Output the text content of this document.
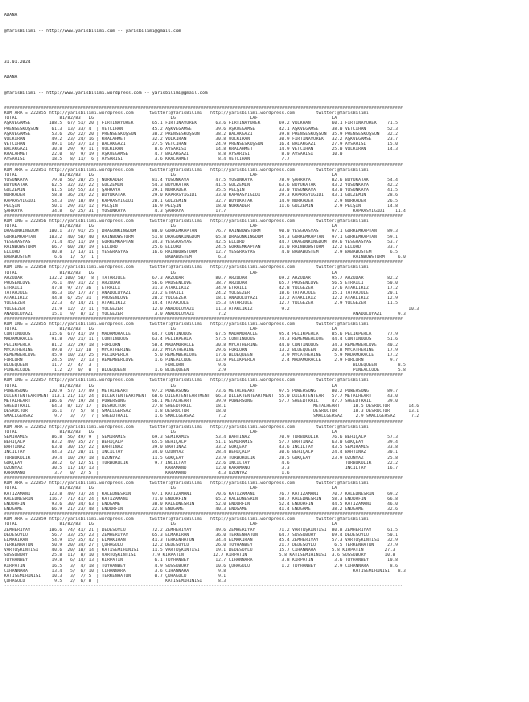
ADANA

@YarisBilimi -- http://www.yarisbilimi.com -- yarisbilimi@gmail.com

31.01.2024

ADANA

@YarisBilimi -- http://www.yarisbilimi.wordpress.com -- yarisbilimi@gmail.com

########################################################################################################################################################
KUM ARA = 222855 http://yarisbilimi.wordpress.com      twitter:@YarisBilimi   http://yarisbilimi.wordpress.com        twitter:@YarisBilimi
TOTAL                81/82/83   LG                             LG                            LAF                            LA
AŞKVEGAMSE       108.5  67/ 51/ 20 | FIRTINAYÜREK       65.1 FIRTINAYÜREK       63.6 FIRTINAYÜREK       69.2 VOLKHAN        60.1 FIRTINAYÜREK    71.5
PRENSESKOŞSUN     61.3  13/ 33/ 4  | VETCİHAN           45.2 AŞKVEGAMSE         39.6 AŞKVEGAMSE         42.1 AŞKVEGAMSE     38.0 VETCİHAN        52.3
AŞKVEGAMSE        53.6  26/ 22/ 20 | PRENSESKOŞSUN      38.2 PRENSESKOŞSUN      38.2 BALAKGAZİ          39.8 PRENSESKOŞSUN  35.9 PRENSESKOŞSUN   32.2
VOLKIRAN          49.2  23/ 24/ 16 | KRALAHMET          32.2 VOLKIRAN           30.8 VOLKIRAN           30.9 FIRTINAYÜREK   32.2 AŞKVEGAMSE      23.7
VETCİHAN          49.1  14/ 37/ 13 | BALAKGAZİ          27.5 VETCİHAN           24.9 PRENSESKOŞSUN      16.4 BALAKGAZİ      27.9 AYSARISI        15.0
BALAKGAZİ         30.8  29/  9/ 11 | VOLKIRAN            8.6 AYSARISI           14.8 KRALAHMET          14.9 VETCİHAN       25.0 VOLKIRAN        14.3
KRALAHMET         22.0   8/  9/ 19 | AŞKVEGAMSE          4.7 BALAKGAZİ           8.8 AYSARISI            8.0 AYSARISI       10.0
AYSARISI          18.5   8/ 11/  6 | AYSARISI            3.6 KRALAHMET           8.4 VETCİHAN            7.7
########################################################################################################################################################
KUM ARA = 222851 http://yarisbilimi.wordpress.com      twitter:@YarisBilimi   http://yarisbilimi.wordpress.com        twitter:@YarisBilimi
TOTAL                81/82/83   LG                             LG                            LAF                            LA
YOSUNKAYA         79.0  56/ 20/ 25 | NURKADER           81.4 YOSUNKAYA          47.5 YOSUNKAYA          78.9 ŞAHRAYA        82.6 BÜYÜKATAK       54.4
BÜYÜKATAK         62.5  32/ 32/ 22 | GÜLZEMİN           54.3 BÜYÜKATAK          41.5 GÜLZEMİN           63.6 BÜYÜKATAK      43.2 YOSUNKAYA       42.2
GÜLZEMİN          61.5  14/ 55/ 33 | ŞAHRAYA            29.1 NURKADER           35.5 PELŞİN             33.0 YOSUNKAYA      43.0 YOSUNKAYA       41.5
NURKADER          58.8  36/ 24/ 22 | BÜYÜKATAK          29.0 KAPRASYİĞİDİ       33.0 KAPRASYİĞİDİ       29.3 KAPRASYİĞİDİ   43.1 GÜLZEMİN        28.6
KAPRASYİĞİDİ      54.3  19/ 18/ 49 | KAPRASYİĞİDİ       28.1 GÜLZEMİN           32.7 BÜYÜKATAK          14.9 NURKADER        2.9 NURKADER        26.5
PELŞİN            50.1  29/ 31/ 12 | PELŞİN             16.9 PELŞİN             18.0 NURKADER           11.6 GÜLZEMİN        2.9 PELŞİN          14.8
ŞAHRAYA           34.8   6/ 25/ 31 | YOSUNKAYA           4.3 ŞAHRAYA            17.7                                                KAPRASYİĞİDİ    11.4
########################################################################################################################################################
KUM ING = 222856 http://yarisbilimi.wordpress.com      twitter:@YarisBilimi   http://yarisbilimi.wordpress.com        twitter:@YarisBilimi
TOTAL                81/82/83   LG                             LG                            LAF                            LA
DRAGONKINGDOM    100.1  37/ 91/ 25 | DRAGONKINGDOM      80.0 GÖRKEMKAPTAN       76.7 RAINBOWSTORM       90.0 YESGRASYAS     97.1 GÖRKEMKAPTAN    89.3
GÖRKEMKAPTAN     103.2  40/ 50/ 40 | RAINBOWSTORM       51.8 DRAGONKINGDOM      65.8 DRAGONKINGDOM      54.3 GÖRKEMKAPTAN   97.1 GÖRKEMKAPTAN    59.1
YESGRASYAS        71.4  45/ 11/ 19 | GÖRKEMKAPTAN       34.3 YESGRASYAS         42.5 ELLORD             44.7 DRAGONKINGDOM  49.6 YESGRASYAS      53.7
RAINBOWSTORM      66.7  60/ 20/ 19 | ELLORD             25.6 ELLORD             24.5 GÖRKEMKAPTAN       31.0 RAINBOWSTORM   12.2 ELLORD          33.7
ELLORD            40.8   1/ 13/ 11 | YESGRASYAS         16.6 RAINBOWSTORM       12.7 YESGRASYAS          4.0 BABABÜSTEM      2.9 BABABÜSTEM       6.5
BABABÜSTEM         6.6   1/  5/  1 |                         BABABÜSTEM          6.3                                                RAINBOWSTORM     6.0
########################################################################################################################################################
KUM ING = 222858 http://yarisbilimi.wordpress.com      twitter:@YarisBilimi   http://yarisbilimi.wordpress.com        twitter:@YarisBilimi
TOTAL                81/82/83   LG                             LG                            LAF                            LA
ARZUDAR          132.2 100/ 50/  8 | TATARJULE          67.3 ARZUDAR            80.7 ARZUDAR            69.2 ARZUDAR        95.7 ARZUDAR         82.2
PROSENLOVE        76.1  49/ 31/ 22 | ARZUDAR            56.6 PROSENLOVE         38.7 ARZUDAR            65.7 PROSENLOVE     56.5 ETRAILİ         50.0
ETRAILİ           47.8  9/ 27/ 36  | ETRAILİ            31.3 ATAKLIKIZ          34.9 ETRAILİ            42.8 YOLGEZER       17.6 ATAKLIKIZ       17.2
TATARJULE         46.3  16/ 17/ 37 | ANADOLUYAZI        23.2 ETRAILİ            24.2 YOLGEZER           18.6 TATARJULE      15.1 TATARJULE       20.1
ATAKLIKIZ         44.8  6/ 25/ 31  | PROSENLOVE         20.2 YOLGEZER           18.1 ANADOLUYAZI        13.2 ATAKLIKIZ      12.2 ATAKLIKIZ       12.9
YOLGEZER          22.3   4/ 14/ 21 | ATAKLIKIZ          14.4 TATARJULE          15.3 TATARJULE          12.7 YOLGEZER        2.9 YOLGEZER        11.5
YOLGEZER          21.9  12/  2/ 11 | YOLGEZER           12.0 ANADOLUYAZI        11.3 ATAKLIKIZ           9.2                                             10.3
ANADOLUYAZI       15.1   9/  8/ 12 | YOLGEZER            3.0 ANADOLUYAZI         7.2                                                ANADOLUYAZI      9.3
########################################################################################################################################################
KUM ING = 222855 http://yarisbilimi.wordpress.com      twitter:@YarisBilimi   http://yarisbilimi.wordpress.com        twitter:@YarisBilimi
TOTAL                81/82/83   LG                             LG                            LAF                            LA
CONTINUOUS       115.6  67/ 41/ 19 | MADAMORACLE        64.7 CONTINUOUS         67.5 MADAMORACLE        95.4 PELİKPERLA     85.6 PELİKPERLA      77.9
MADAMORACLE       91.8  70/ 21/ 11 | CONTINUOUS         63.4 PELİKPERLA         57.5 CONTINUOUS         74.3 REMEMBERLOVE   44.4 CONTINUOUS      51.6
PELİKPERLA        81.2  32/ 29/ 18 | FORLORN            58.4 MADAMORACLE        30.8 MYCATHERINE        44.0 CONTINUOUS     34.3 REMEMBERLOVE    40.2
MYCATHERINE       49.0  7/ 12/ 10  | MYCATHERINE        33.2 MYCATHERINE        29.6 FORLORN            13.2 BLUEQUEEN      20.8 MYCATHERINE     17.9
REMEMBERLOVE      45.9  10/ 23/ 25 | PELİKPERLA          5.0 REMEMBERLOVE       17.6 BLUEQUEEN           3.9 MYCATHERINE     5.9 MADAMORACLE     17.2
FORLORN           24.5  19/  2/ 13 | REMEMBERLOVE        1.6 PINEALCODE         13.9 PELİKPERLA          2.4 MADAMORACLE     2.9 FORLORN          9.7
BLUEQUEEN         11.7  2/  4/  3  |                         FORLORN             9.6                                                BLUEQUEEN        8.5
PINEALCODE         1.2  2/  0/  0  | BLUEQUEEN           1.6 BLUEQUEEN           2.9                                                PINEALCODE       5.8
########################################################################################################################################################
KUM ING = 222857 http://yarisbilimi.wordpress.com      twitter:@YarisBilimi   http://yarisbilimi.wordpress.com        twitter:@YarisBilimi
TOTAL                81/82/83   LG                             LG                            LAF                            LA
POWERSONG        120.9  57/ 17/ 49 | METALHEART         97.2 POWERSONG          73.6 METALHEART         97.5 POWERSONG      80.2 POWERSONG       89.7
DILEKTENTEARTMENT 113.1 21/ 11/ 24 | DILEKTENTEARTMENT  68.6 DILEKTENTEARTMENT  66.3 DILEKTENTEARTMENT  55.0 DILEKTENTEAR   57.7 METALHEART      43.0
METALHEART       106.6  79/ 19/ 28 | POWERSONG          56.1 METALHEART         39.9 POWERSONG          57.7 SHEEDTRAIL     47.7 SHEEDTRAIL      39.0
SHEEDTRAIL        64.3  8/ 12/ 17  | DESRUCTOR          27.8 SHEEDTRAIL         18.1                                 METALHEART     18.5 DESRUCTOR       14.6
DESRUCTOR         16.1   7/  5/  8 | SMALLGERSAZ         1.8 DESRUCTOR          18.0                                 DESRUCTOR      18.3 DESRUCTOR       13.1
SMALLGERSAZ        9.7   3/  7/  7 | SHEEDTRAIL          1.6 SMALLGERSAZ         7.2                                 SMALLGERSAZ     2.9 SMALLGERSAZ      7.2
########################################################################################################################################################
KUM ARA = 222852 http://yarisbilimi.wordpress.com      twitter:@YarisBilimi   http://yarisbilimi.wordpress.com        twitter:@YarisBilimi
TOTAL                81/82/83   LG                             LG                            LAF                            LA
SEMİRAMİS         86.8  56/ 49/ 9  | SEMİRAMİS          69.3 SEMİRAMİS          53.4 BAHTİNAZ           70.9 TURBOKOLİK     76.6 BEHİÇALP        57.3
BEHİÇALP          83.2  49/ 35/ 27 | BEHİÇALP           65.5 BEHİÇALP           51.1 SEMİRAMİS          57.7 BAHTİNAZ       63.0 GÖKÇEAY         39.4
BAHTİNAZ          63.0  30/ 15/ 22 | BAHTİNAZ           39.0 BAHTİNAZ           33.2 GÖKÇEAY            43.6 İNCİLTAY       43.5 SEMİRAMİS       33.8
İNCİLTAY          44.3  21/ 20/ 11 | İNCİLTAY           34.0 UZUNYAZ            28.4 BEHİÇALP           30.6 BEHİÇALP       24.4 BAHTİNAZ        30.1
TURBOKOLİK        39.4  10/ 29/ 18 | UZUNYAZ            11.5 GÖKÇEAY            23.9 TURBOKOLİK         28.5 GÖKÇEAY        23.9 UZUNYAZ         25.8
GÖKÇEAY           38.2   6/ 12/ 51 | TURBOKOLİK          9.7 İNCİLTAY           22.6 İNCİLTAY            4.6                     TURBOKOLİK      22.2
UZUNYAZ           30.5  11/ 14/ 13 |                         KARAMANO           12.0 KARAMANO            3.3                     İNCİLTAY        16.7
KARAMANO           3.7   0/  2/ 5  |                         KARAMANO            4.3 UZUNYAZ             1.6
########################################################################################################################################################
KUM ARA = 222857 http://yarisbilimi.wordpress.com      twitter:@YarisBilimi   http://yarisbilimi.wordpress.com        twitter:@YarisBilimi
TOTAL                81/82/83   LG                             LG                            LAF                            LA
KATIZAMANI       123.8  49/ 73/ 24 | KALEDNESRİN        97.1 KATIZAMANI         70.6 KATIZAMANI         76.7 KATIZAMANI     70.7 KALEDNESRİN     69.2
KALEDNESRİN      116.7  71/ 41/ 24 | KATIZAMANI         71.0 ENDORFİN           65.2 KALEDNESRİN        58.7 KALEDNESRİN    58.3 ENDORFİN        66.8
ENDORFİN          93.6  30/ 34/ 63 | ENDGAME            38.0 KALEDNESRİN        52.0 ENDORFİN           52.4 ENDORFİN       44.5 KATIZAMANI      46.0
ENDGAME           66.9  21/ 23/ 48 | ENDORFİN           22.8 ENDGAME            40.3 ENDGAME            41.4 ENDGAME        38.2 ENDGAME         32.6
########################################################################################################################################################
KUM ARA = 222859 http://yarisbilimi.wordpress.com      twitter:@YarisBilimi   http://yarisbilimi.wordpress.com        twitter:@YarisBilimi
TOTAL                81/82/83   LG                             LG                            LAF                            LA
ZEMHERİYAY       106.6  74/ 41/ 21 | DEDESOYLU          72.2 ZEMHERİYAY         49.6 ZEMHERİYAY         71.2 VARTOŞKİNTİSİ  80.8 ZEMHERİYAY      61.5
DEDESOYLU         56.7  33/ 25/ 23 | ZEMHERİYAY         65.3 ELMAKIRAN          36.0 TERKENHATUN        64.7 SUSSUBURY      69.4 DEDESOYLU       50.1
ELMAKIRAN         54.9  15/ 35/ 42 | ELMAKIRAN          41.3 TERKENHATUN        34.4 ELMAKIRAN          45.4 ZEMHERİYAY     57.3 VARTOŞKİNTİSİ   32.9
TERKENHATUN       50.9  20/ 34/ 27 | ÇUHAGÜLÜ           12.2 DEDESOYLU          26.0 TOYHANBEY          21.7 DEDESOYLU       6.5 TERKENHATUN     27.9
VARTOŞKİNTİSİ     40.6  20/ 10/ 14 | KATISEMİHİNİSİ     11.5 VARTOŞKİNTİSİ      19.1 DEDESOYLU          15.7 CİHANNARA      5.8 KIRPATİN        27.3
SUSSUBURY         25.8  11/  8/ 10 | VARTOŞKİNTİSİ      7.9 KIRPATİN           12.7 KIRPATİN            5.8 KATISEMİHİNİSİ  3.6 SUSSUBURY       10.8
TOYHANBEY         19.8   6/ 14/ 13 | KIRPATİN            6.1 TOYHANBEY          12.7 CİHANNARA           3.8 KIRPATİN        3.6 TOYHANBEY       10.8
KIRPATİN          16.5   3/  4/ 18 | TOYHANBEY           4.9 SUSSUBURY          10.6 ÇUHAGÜLÜ            1.2 TOYHANBEY       2.9 CİHANNARA        8.6
CİHANNARA         13.4   5/  6/ 10 | CİHANNARA           3.6 CİHANNARA           9.8                                                KATISEMİHİNİSİ   8.3
KATISEMİHİNİSİ    10.3   3/  7/ 5  | TERKENHATUN         0.7 ÇUHAGÜLÜ            9.1
ÇUHAGÜLÜ           9.5   2/  6/ 8  |                         KATISEMİHİNİSİ      8.3
--------------------------------------------------------------------------------------------------------------------------------------------------------
